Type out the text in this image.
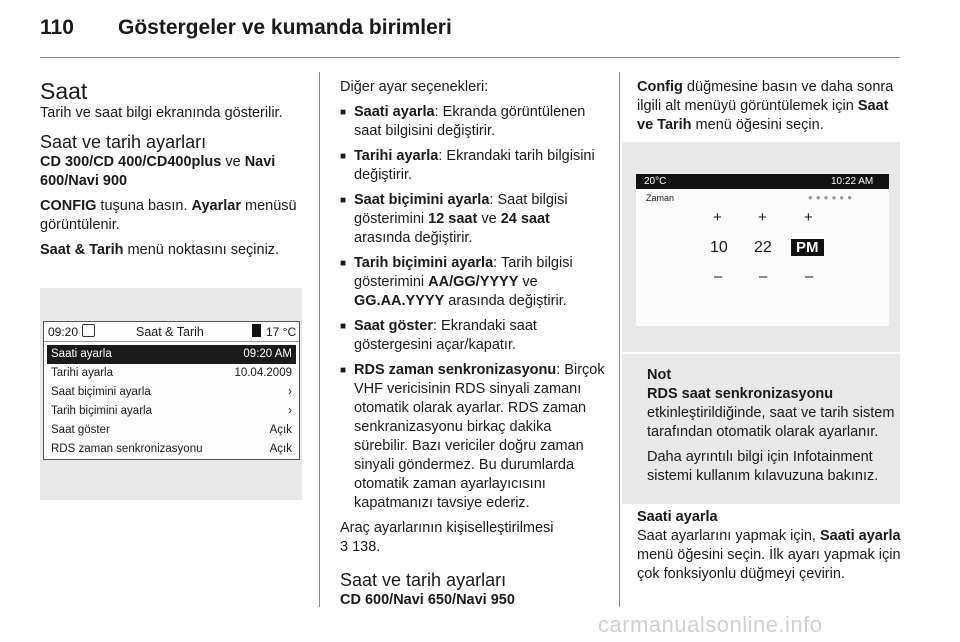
110 Göstergeler ve kumanda birimleri
Saat

Tarih ve saat bilgi ekranında gösterilir.

Saat ve tarih ayarları

CD 300/CD 400/CD400plus ve Navi 600/Navi 900

CONFIG tuşuna basın. Ayarlar menüsü görüntülenir.

Saat & Tarih menü noktasını seçiniz.

09:20	Saat & Tarih	17 °C
Saati ayarla	09:20 AM
Tarihi ayarla	10.04.2009
Saat biçimini ayarla	›
Tarih biçimini ayarla	›
Saat göster	Açık
RDS zaman senkronizasyonu	Açık

Diğer ayar seçenekleri:

■ Saati ayarla: Ekranda görüntülenen saat bilgisini değiştirir.
■ Tarihi ayarla: Ekrandaki tarih bilgisini değiştirir.
■ Saat biçimini ayarla: Saat bilgisi gösterimini 12 saat ve 24 saat arasında değiştirir.
■ Tarih biçimini ayarla: Tarih bilgisi gösterimini AA/GG/YYYY ve GG.AA.YYYY arasında değiştirir.
■ Saat göster: Ekrandaki saat göstergesini açar/kapatır.
■ RDS zaman senkronizasyonu: Birçok VHF vericisinin RDS sinyali zamanı otomatik olarak ayarlar. RDS zaman senkranizasyonu birkaç dakika sürebilir. Bazı vericiler doğru zaman sinyali göndermez. Bu durumlarda otomatik zaman ayarlayıcısını kapatmanızı tavsiye ederiz.

Araç ayarlarının kişiselleştirilmesi
3 138.

Saat ve tarih ayarları

CD 600/Navi 650/Navi 950

Config düğmesine basın ve daha sonra ilgili alt menüyü görüntülemek için Saat ve Tarih menü öğesini seçin.

20°C	10:22 AM
Zaman	●●●●●●
+ + +
10 22	PM
– –	–
Not
RDS saat senkronizasyonu

etkinleştirildiğinde, saat ve tarih sistem tarafından otomatik olarak ayarlanır.

Daha ayrıntılı bilgi için Infotainment sistemi kullanım kılavuzuna bakınız.

Saati ayarla

Saat ayarlarını yapmak için, Saati ayarla menü öğesini seçin. İlk ayarı yapmak için çok fonksiyonlu düğmeyi çevirin.

carmanualsonline.info
